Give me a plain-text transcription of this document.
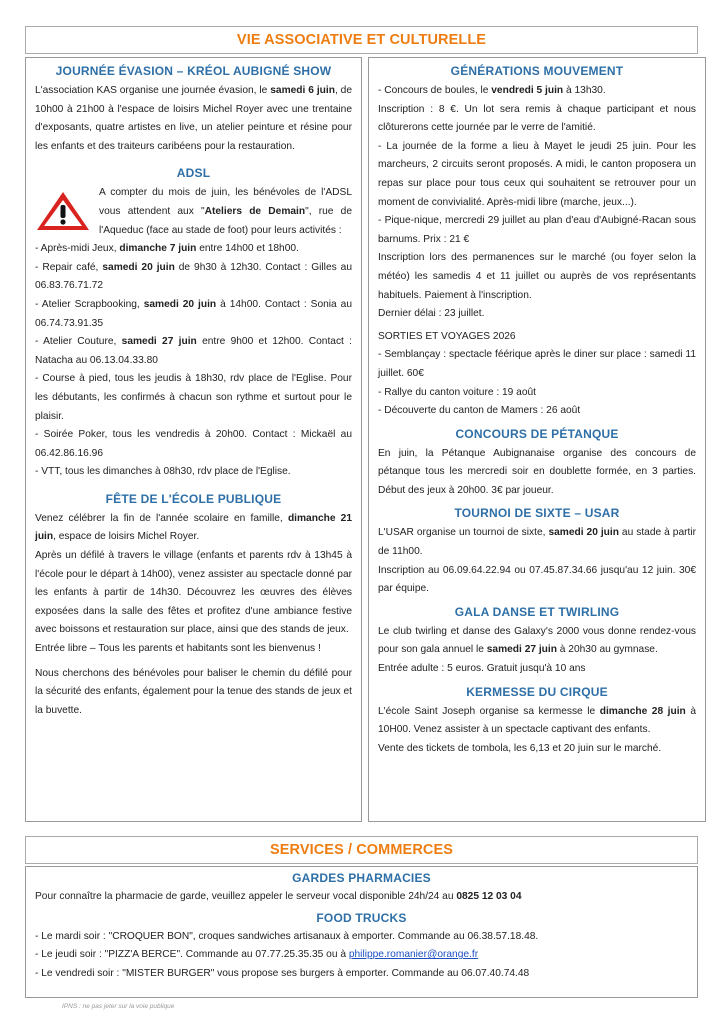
VIE ASSOCIATIVE ET CULTURELLE
JOURNÉE ÉVASION – KRÉOL AUBIGNÉ SHOW

L'association KAS organise une journée évasion, le samedi 6 juin, de 10h00 à 21h00 à l'espace de loisirs Michel Royer avec une trentaine d'exposants, quatre artistes en live, un atelier peinture et résine pour les enfants et des traiteurs caribéens pour la restauration.

ADSL

A compter du mois de juin, les bénévoles de l'ADSL vous attendent aux "Ateliers de Demain", rue de l'Aqueduc (face au stade de foot) pour leurs activités :

- Après-midi Jeux, dimanche 7 juin entre 14h00 et 18h00.

- Repair café, samedi 20 juin de 9h30 à 12h30. Contact : Gilles au 06.83.76.71.72

- Atelier Scrapbooking, samedi 20 juin à 14h00. Contact : Sonia au 06.74.73.91.35

- Atelier Couture, samedi 27 juin entre 9h00 et 12h00. Contact : Natacha au 06.13.04.33.80

- Course à pied, tous les jeudis à 18h30, rdv place de l'Eglise. Pour les débutants, les confirmés à chacun son rythme et surtout pour le plaisir.

- Soirée Poker, tous les vendredis à 20h00. Contact : Mickaël au 06.42.86.16.96

- VTT, tous les dimanches à 08h30, rdv place de l'Eglise.

FÊTE DE L'ÉCOLE PUBLIQUE

Venez célébrer la fin de l'année scolaire en famille, dimanche 21 juin, espace de loisirs Michel Royer.

Après un défilé à travers le village (enfants et parents rdv à 13h45 à l'école pour le départ à 14h00), venez assister au spectacle donné par les enfants à partir de 14h30. Découvrez les œuvres des élèves exposées dans la salle des fêtes et profitez d'une ambiance festive avec boissons et restauration sur place, ainsi que des stands de jeux.

Entrée libre – Tous les parents et habitants sont les bienvenus !

Nous cherchons des bénévoles pour baliser le chemin du défilé pour la sécurité des enfants, également pour la tenue des stands de jeux et la buvette.

GÉNÉRATIONS MOUVEMENT

- Concours de boules, le vendredi 5 juin à 13h30.

Inscription : 8 €. Un lot sera remis à chaque participant et nous clôturerons cette journée par le verre de l'amitié.

- La journée de la forme a lieu à Mayet le jeudi 25 juin. Pour les marcheurs, 2 circuits seront proposés. A midi, le canton proposera un repas sur place pour tous ceux qui souhaitent se retrouver pour un moment de convivialité. Après-midi libre (marche, jeux...).

- Pique-nique, mercredi 29 juillet au plan d'eau d'Aubigné-Racan sous barnums. Prix : 21 €

Inscription lors des permanences sur le marché (ou foyer selon la météo) les samedis 4 et 11 juillet ou auprès de vos représentants habituels. Paiement à l'inscription.

Dernier délai : 23 juillet.

SORTIES ET VOYAGES 2026

- Semblançay : spectacle féérique après le diner sur place : samedi 11 juillet. 60€

- Rallye du canton voiture : 19 août

- Découverte du canton de Mamers : 26 août

CONCOURS DE PÉTANQUE

En juin, la Pétanque Aubignanaise organise des concours de pétanque tous les mercredi soir en doublette formée, en 3 parties. Début des jeux à 20h00. 3€ par joueur.

TOURNOI DE SIXTE – USAR

L'USAR organise un tournoi de sixte, samedi 20 juin au stade à partir de 11h00.

Inscription au 06.09.64.22.94 ou 07.45.87.34.66 jusqu'au 12 juin. 30€ par équipe.

GALA DANSE ET TWIRLING

Le club twirling et danse des Galaxy's 2000 vous donne rendez-vous pour son gala annuel le samedi 27 juin à 20h30 au gymnase.

Entrée adulte : 5 euros. Gratuit jusqu'à 10 ans

KERMESSE DU CIRQUE

L'école Saint Joseph organise sa kermesse le dimanche 28 juin à 10H00. Venez assister à un spectacle captivant des enfants.

Vente des tickets de tombola, les 6,13 et 20 juin sur le marché.

SERVICES / COMMERCES
GARDES PHARMACIES

Pour connaître la pharmacie de garde, veuillez appeler le serveur vocal disponible 24h/24 au 0825 12 03 04

FOOD TRUCKS

- Le mardi soir : "CROQUER BON", croques sandwiches artisanaux à emporter. Commande au 06.38.57.18.48.

- Le jeudi soir : "PIZZ'A BERCE". Commande au 07.77.25.35.35 ou à philippe.romanier@orange.fr

- Le vendredi soir : "MISTER BURGER" vous propose ses burgers à emporter. Commande au 06.07.40.74.48

IPNS : ne pas jeter sur la voie publique
